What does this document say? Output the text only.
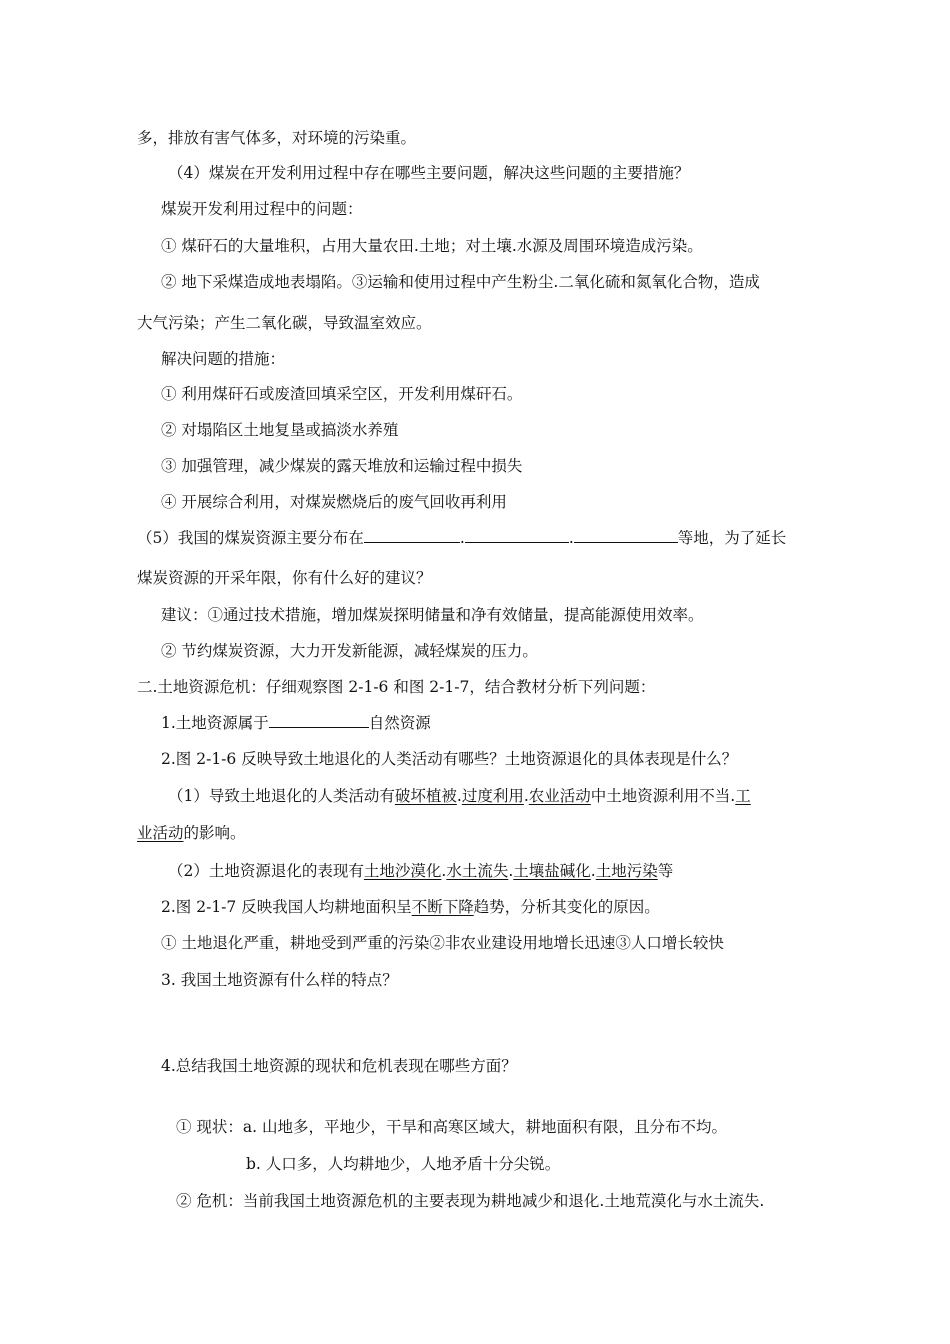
多，排放有害气体多，对环境的污染重。
（4）煤炭在开发利用过程中存在哪些主要问题，解决这些问题的主要措施？
煤炭开发利用过程中的问题：
① 煤矸石的大量堆积，占用大量农田.土地；对土壤.水源及周围环境造成污染。
② 地下采煤造成地表塌陷。③运输和使用过程中产生粉尘.二氧化硫和氮氧化合物，造成
大气污染；产生二氧化碳，导致温室效应。
解决问题的措施：
① 利用煤矸石或废渣回填采空区，开发利用煤矸石。
② 对塌陷区土地复垦或搞淡水养殖
③ 加强管理，减少煤炭的露天堆放和运输过程中损失
④ 开展综合利用，对煤炭燃烧后的废气回收再利用
（5）我国的煤炭资源主要分布在	.	.	等地，为了延长
煤炭资源的开采年限，你有什么好的建议？
建议：①通过技术措施，增加煤炭探明储量和净有效储量，提高能源使用效率。
② 节约煤炭资源，大力开发新能源，减轻煤炭的压力。
二.土地资源危机：仔细观察图 2-1-6 和图 2-1-7，结合教材分析下列问题：
1.土地资源属于	自然资源
2.图 2-1-6 反映导致土地退化的人类活动有哪些？土地资源退化的具体表现是什么？
（1）导致土地退化的人类活动有破坏植被.过度利用.农业活动中土地资源利用不当.工
业活动的影响。
（2）土地资源退化的表现有土地沙漠化.水土流失.土壤盐碱化.土地污染等
2.图 2-1-7 反映我国人均耕地面积呈不断下降趋势，分析其变化的原因。
① 土地退化严重，耕地受到严重的污染②非农业建设用地增长迅速③人口增长较快
3. 我国土地资源有什么样的特点？
4.总结我国土地资源的现状和危机表现在哪些方面？
① 现状：a. 山地多，平地少，干旱和高寒区域大，耕地面积有限，且分布不均。
b. 人口多，人均耕地少，人地矛盾十分尖锐。
② 危机：当前我国土地资源危机的主要表现为耕地减少和退化.土地荒漠化与水土流失.
